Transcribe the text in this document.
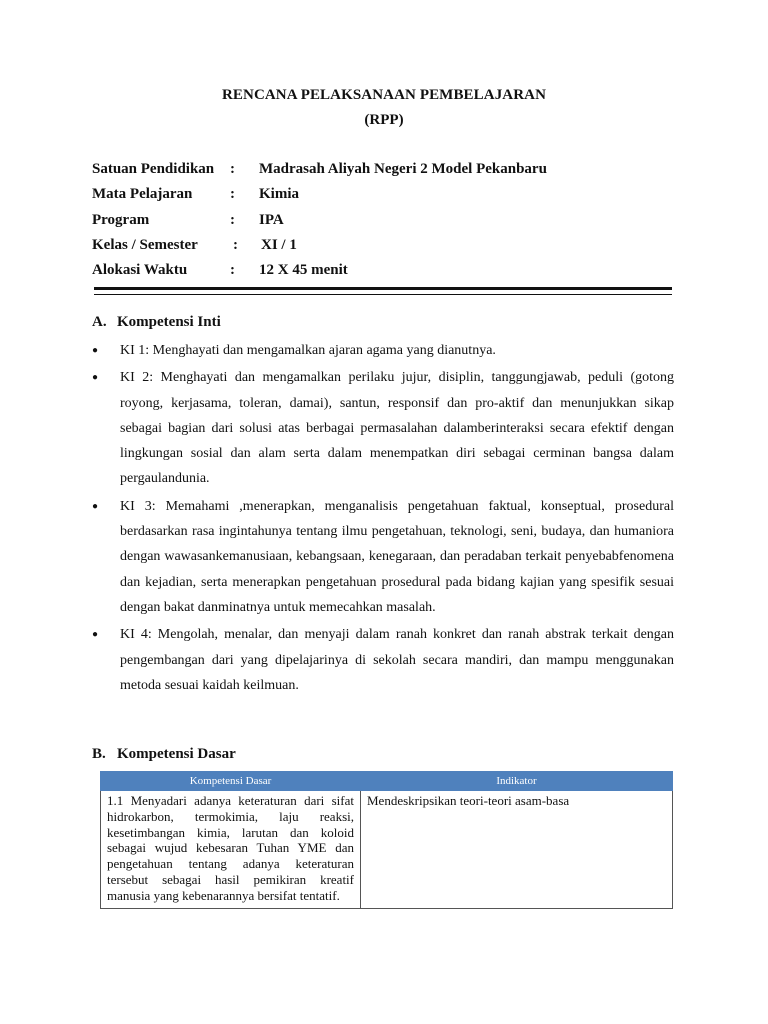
RENCANA PELAKSANAAN PEMBELAJARAN
(RPP)
Satuan Pendidikan : Madrasah Aliyah Negeri 2 Model Pekanbaru
Mata Pelajaran	: Kimia
Program	: IPA
Kelas / Semester : XI / 1
Alokasi Waktu	: 12 X 45 menit
A. Kompetensi Inti
● KI 1: Menghayati dan mengamalkan ajaran agama yang dianutnya.
● KI 2: Menghayati dan mengamalkan perilaku jujur, disiplin, tanggungjawab, peduli (gotong royong, kerjasama, toleran, damai), santun, responsif dan pro-aktif dan menunjukkan sikap sebagai bagian dari solusi atas berbagai permasalahan dalamberinteraksi secara efektif dengan lingkungan sosial dan alam serta dalam menempatkan diri sebagai cerminan bangsa dalam pergaulandunia.
● KI 3: Memahami ,menerapkan, menganalisis pengetahuan faktual, konseptual, prosedural berdasarkan rasa ingintahunya tentang ilmu pengetahuan, teknologi, seni, budaya, dan humaniora dengan wawasankemanusiaan, kebangsaan, kenegaraan, dan peradaban terkait penyebabfenomena dan kejadian, serta menerapkan pengetahuan prosedural pada bidang kajian yang spesifik sesuai dengan bakat danminatnya untuk memecahkan masalah.
● KI 4: Mengolah, menalar, dan menyaji dalam ranah konkret dan ranah abstrak terkait dengan pengembangan dari yang dipelajarinya di sekolah secara mandiri, dan mampu menggunakan metoda sesuai kaidah keilmuan.
B. Kompetensi Dasar
Kompetensi Dasar	Indikator
1.1 Menyadari adanya keteraturan dari sifat hidrokarbon, termokimia, laju reaksi, kesetimbangan kimia, larutan dan koloid sebagai wujud kebesaran Tuhan YME dan pengetahuan tentang adanya keteraturan tersebut sebagai hasil pemikiran kreatif manusia yang kebenarannya bersifat tentatif.	Mendeskripsikan teori-teori asam-basa
